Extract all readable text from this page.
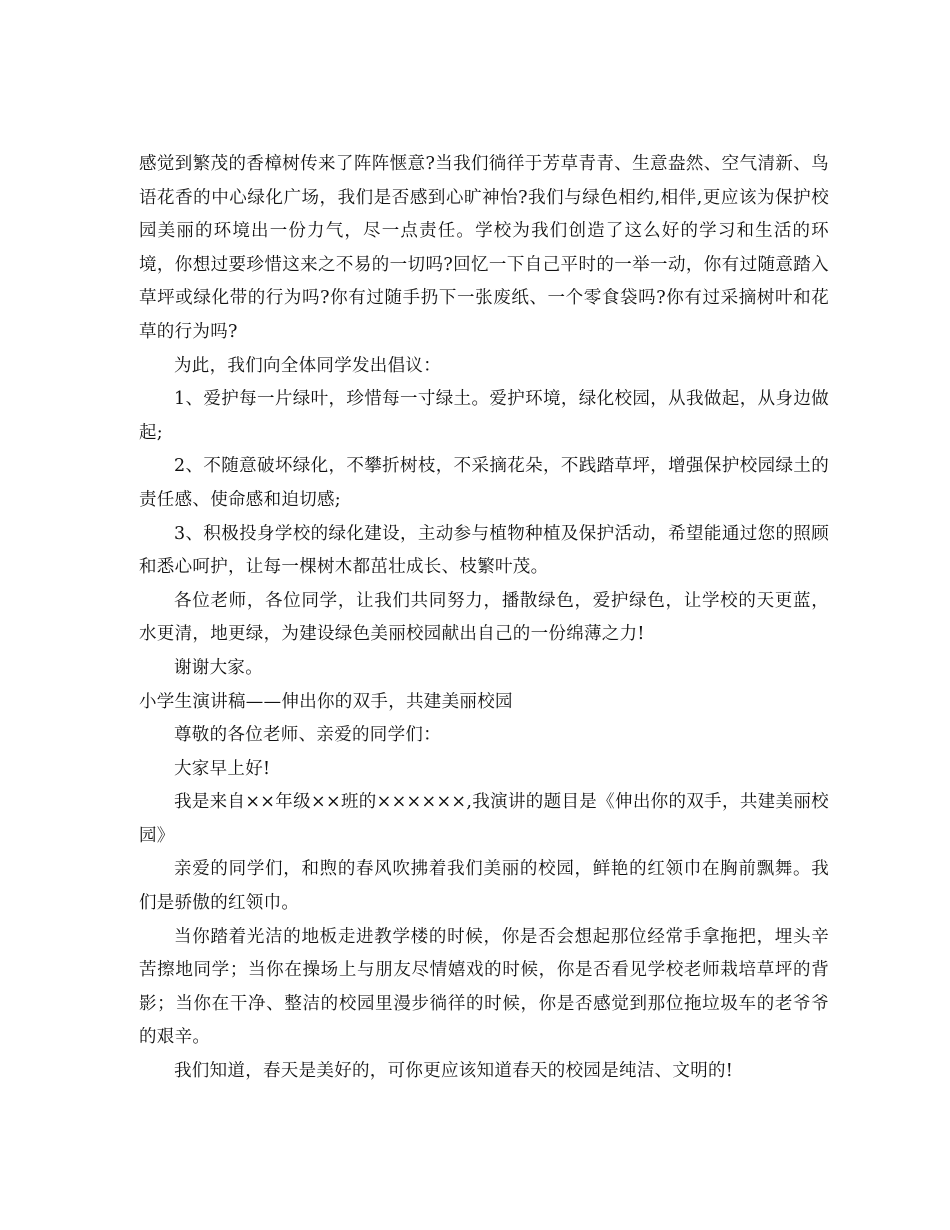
感觉到繁茂的香樟树传来了阵阵惬意?当我们徜徉于芳草青青、生意盎然、空气清新、鸟语花香的中心绿化广场，我们是否感到心旷神怡?我们与绿色相约,相伴,更应该为保护校园美丽的环境出一份力气，尽一点责任。学校为我们创造了这么好的学习和生活的环境，你想过要珍惜这来之不易的一切吗?回忆一下自己平时的一举一动，你有过随意踏入草坪或绿化带的行为吗?你有过随手扔下一张废纸、一个零食袋吗?你有过采摘树叶和花草的行为吗?

为此，我们向全体同学发出倡议：

1、爱护每一片绿叶，珍惜每一寸绿土。爱护环境，绿化校园，从我做起，从身边做起;

2、不随意破坏绿化，不攀折树枝，不采摘花朵，不践踏草坪，增强保护校园绿土的责任感、使命感和迫切感;

3、积极投身学校的绿化建设，主动参与植物种植及保护活动，希望能通过您的照顾和悉心呵护，让每一棵树木都茁壮成长、枝繁叶茂。

各位老师，各位同学，让我们共同努力，播散绿色，爱护绿色，让学校的天更蓝，水更清，地更绿，为建设绿色美丽校园献出自己的一份绵薄之力!

谢谢大家。

小学生演讲稿——伸出你的双手，共建美丽校园

尊敬的各位老师、亲爱的同学们：

大家早上好!

我是来自××年级××班的××××××,我演讲的题目是《伸出你的双手，共建美丽校园》

亲爱的同学们，和煦的春风吹拂着我们美丽的校园，鲜艳的红领巾在胸前飘舞。我们是骄傲的红领巾。

当你踏着光洁的地板走进教学楼的时候，你是否会想起那位经常手拿拖把，埋头辛苦擦地同学；当你在操场上与朋友尽情嬉戏的时候，你是否看见学校老师栽培草坪的背影；当你在干净、整洁的校园里漫步徜徉的时候，你是否感觉到那位拖垃圾车的老爷爷的艰辛。

我们知道，春天是美好的，可你更应该知道春天的校园是纯洁、文明的!
